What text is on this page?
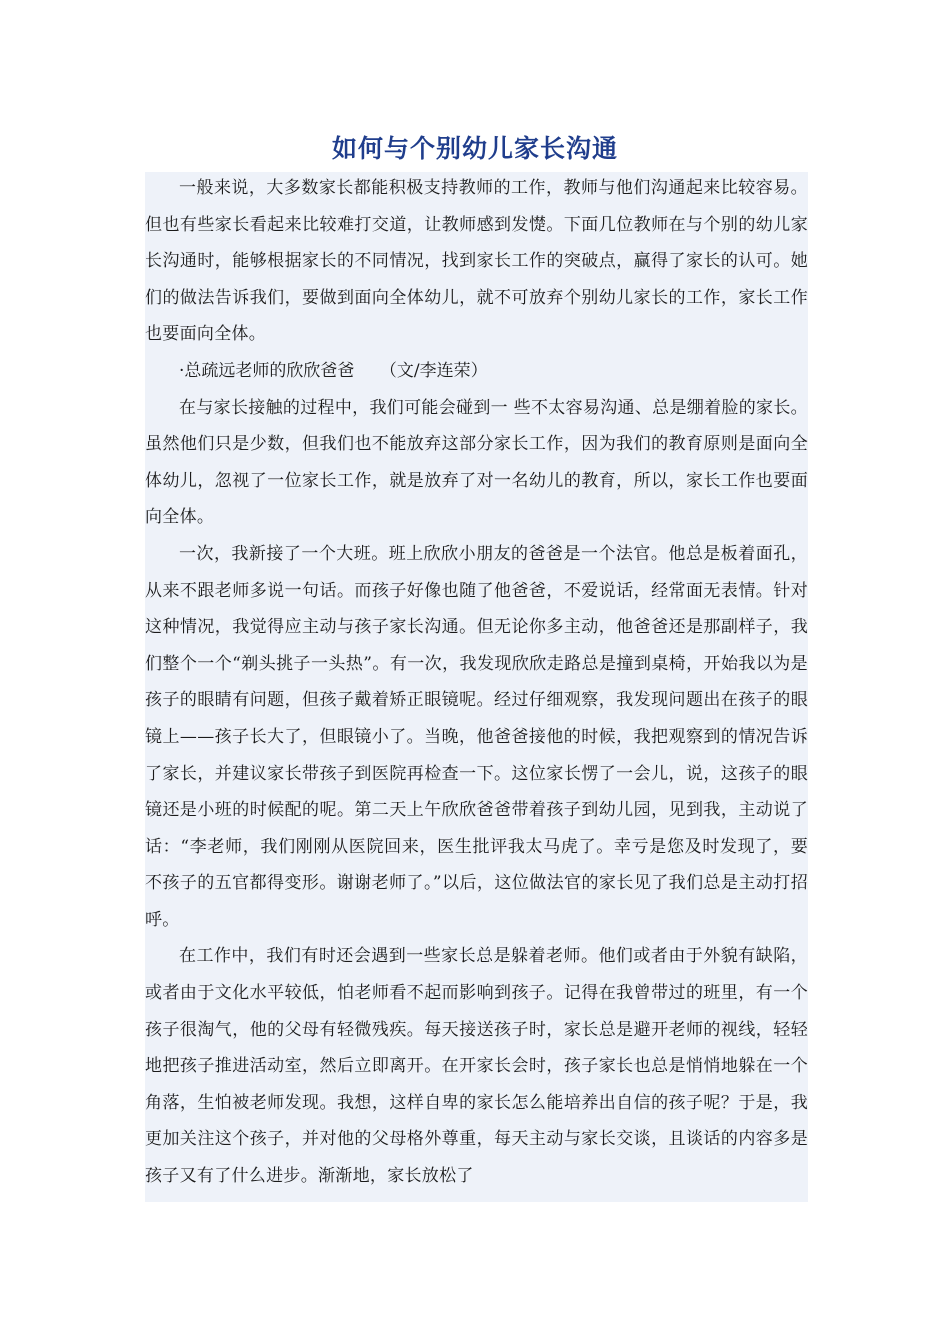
如何与个别幼儿家长沟通

一般来说，大多数家长都能积极支持教师的工作，教师与他们沟通起来比较容易。但也有些家长看起来比较难打交道，让教师感到发憷。下面几位教师在与个别的幼儿家长沟通时，能够根据家长的不同情况，找到家长工作的突破点，赢得了家长的认可。她们的做法告诉我们，要做到面向全体幼儿，就不可放弃个别幼儿家长的工作，家长工作也要面向全体。

·总疏远老师的欣欣爸爸　　（文/李连荣）

在与家长接触的过程中，我们可能会碰到一 些不太容易沟通、总是绷着脸的家长。虽然他们只是少数，但我们也不能放弃这部分家长工作，因为我们的教育原则是面向全体幼儿，忽视了一位家长工作，就是放弃了对一名幼儿的教育，所以，家长工作也要面向全体。

一次，我新接了一个大班。班上欣欣小朋友的爸爸是一个法官。他总是板着面孔，从来不跟老师多说一句话。而孩子好像也随了他爸爸，不爱说话，经常面无表情。针对这种情况，我觉得应主动与孩子家长沟通。但无论你多主动，他爸爸还是那副样子，我们整个一个“剃头挑子一头热”。有一次，我发现欣欣走路总是撞到桌椅，开始我以为是孩子的眼睛有问题，但孩子戴着矫正眼镜呢。经过仔细观察，我发现问题出在孩子的眼镜上——孩子长大了，但眼镜小了。当晚，他爸爸接他的时候，我把观察到的情况告诉了家长，并建议家长带孩子到医院再检查一下。这位家长愣了一会儿，说，这孩子的眼镜还是小班的时候配的呢。第二天上午欣欣爸爸带着孩子到幼儿园，见到我，主动说了话：“李老师，我们刚刚从医院回来，医生批评我太马虎了。幸亏是您及时发现了，要不孩子的五官都得变形。谢谢老师了。”以后，这位做法官的家长见了我们总是主动打招呼。

在工作中，我们有时还会遇到一些家长总是躲着老师。他们或者由于外貌有缺陷，或者由于文化水平较低，怕老师看不起而影响到孩子。记得在我曾带过的班里，有一个孩子很淘气，他的父母有轻微残疾。每天接送孩子时，家长总是避开老师的视线，轻轻地把孩子推进活动室，然后立即离开。在开家长会时，孩子家长也总是悄悄地躲在一个角落，生怕被老师发现。我想，这样自卑的家长怎么能培养出自信的孩子呢？于是，我更加关注这个孩子，并对他的父母格外尊重，每天主动与家长交谈，且谈话的内容多是孩子又有了什么进步。渐渐地，家长放松了
